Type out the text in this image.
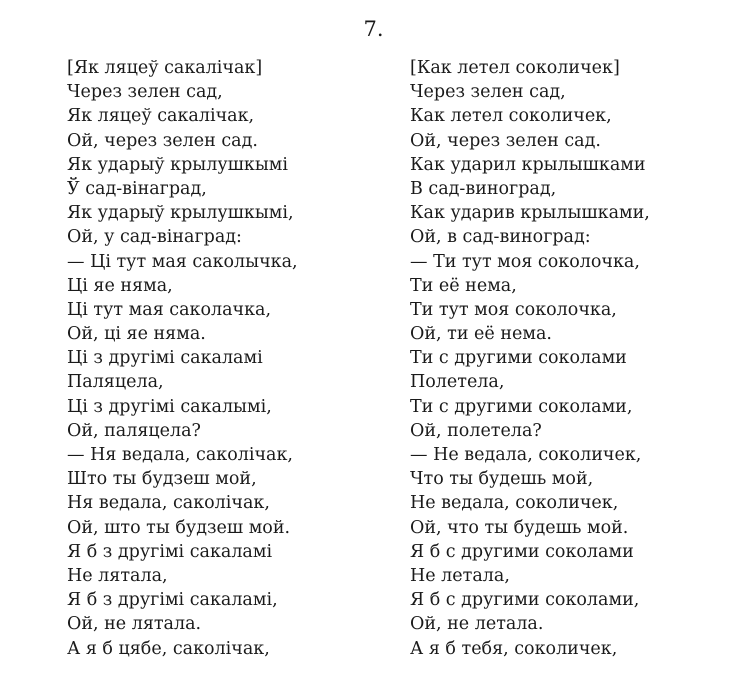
7.
[Як ляцеў сакалічак]
Через зелен сад,
Як ляцеў сакалічак,
Ой, через зелен сад.
Як ударыў крылушкымі
Ў сад-вінаград,
Як ударыў крылушкымі,
Ой, у сад-вінаград:
— Ці тут мая саколычка,
Ці яе няма,
Ці тут мая саколачка,
Ой, ці яе няма.
Ці з другімі сакаламі
Паляцела,
Ці з другімі сакалымі,
Ой, паляцела?
— Ня ведала, саколічак,
Што ты будзеш мой,
Ня ведала, саколічак,
Ой, што ты будзеш мой.
Я б з другімі сакаламі
Не лятала,
Я б з другімі сакаламі,
Ой, не лятала.
А я б цябе, саколічак,
[Как летел соколичек]
Через зелен сад,
Как летел соколичек,
Ой, через зелен сад.
Как ударил крылышками
В сад-виноград,
Как ударив крылышками,
Ой, в сад-виноград:
— Ти тут моя соколочка,
Ти её нема,
Ти тут моя соколочка,
Ой, ти её нема.
Ти с другими соколами
Полетела,
Ти с другими соколами,
Ой, полетела?
— Не ведала, соколичек,
Что ты будешь мой,
Не ведала, соколичек,
Ой, что ты будешь мой.
Я б с другими соколами
Не летала,
Я б с другими соколами,
Ой, не летала.
А я б тебя, соколичек,
